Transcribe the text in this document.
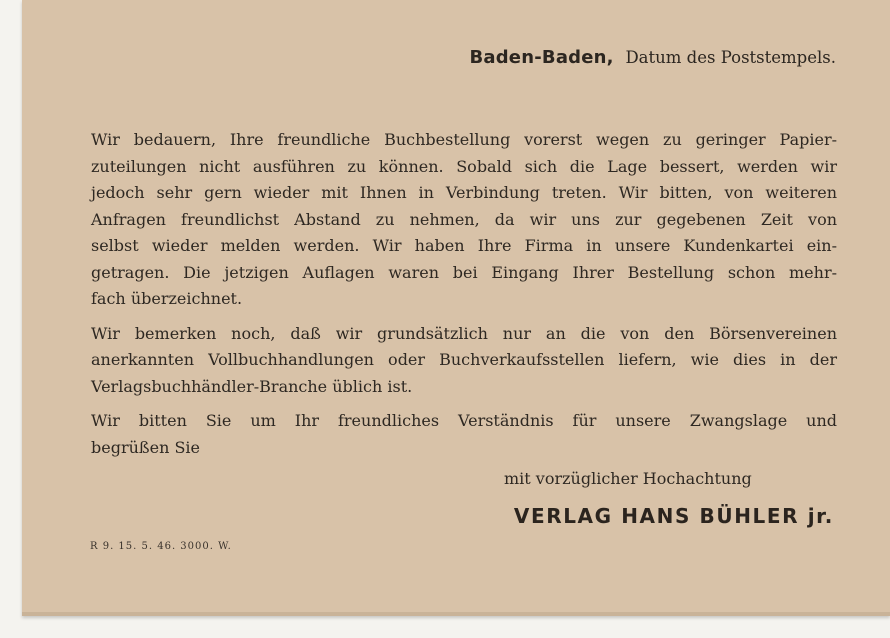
Baden-Baden, Datum des Poststempels.

Wir bedauern, Ihre freundliche Buchbestellung vorerst wegen zu geringer Papier-
zuteilungen nicht ausführen zu können. Sobald sich die Lage bessert, werden wir
jedoch sehr gern wieder mit Ihnen in Verbindung treten. Wir bitten, von weiteren
Anfragen freundlichst Abstand zu nehmen, da wir uns zur gegebenen Zeit von
selbst wieder melden werden. Wir haben Ihre Firma in unsere Kundenkartei ein-
getragen. Die jetzigen Auflagen waren bei Eingang Ihrer Bestellung schon mehr-
fach überzeichnet.

Wir bemerken noch, daß wir grundsätzlich nur an die von den Börsenvereinen
anerkannten Vollbuchhandlungen oder Buchverkaufsstellen liefern, wie dies in der
Verlagsbuchhändler-Branche üblich ist.

Wir bitten Sie um Ihr freundliches Verständnis für unsere Zwangslage und
begrüßen Sie

mit vorzüglicher Hochachtung
VERLAG HANS BÜHLER jr.
R 9. 15. 5. 46. 3000. W.
